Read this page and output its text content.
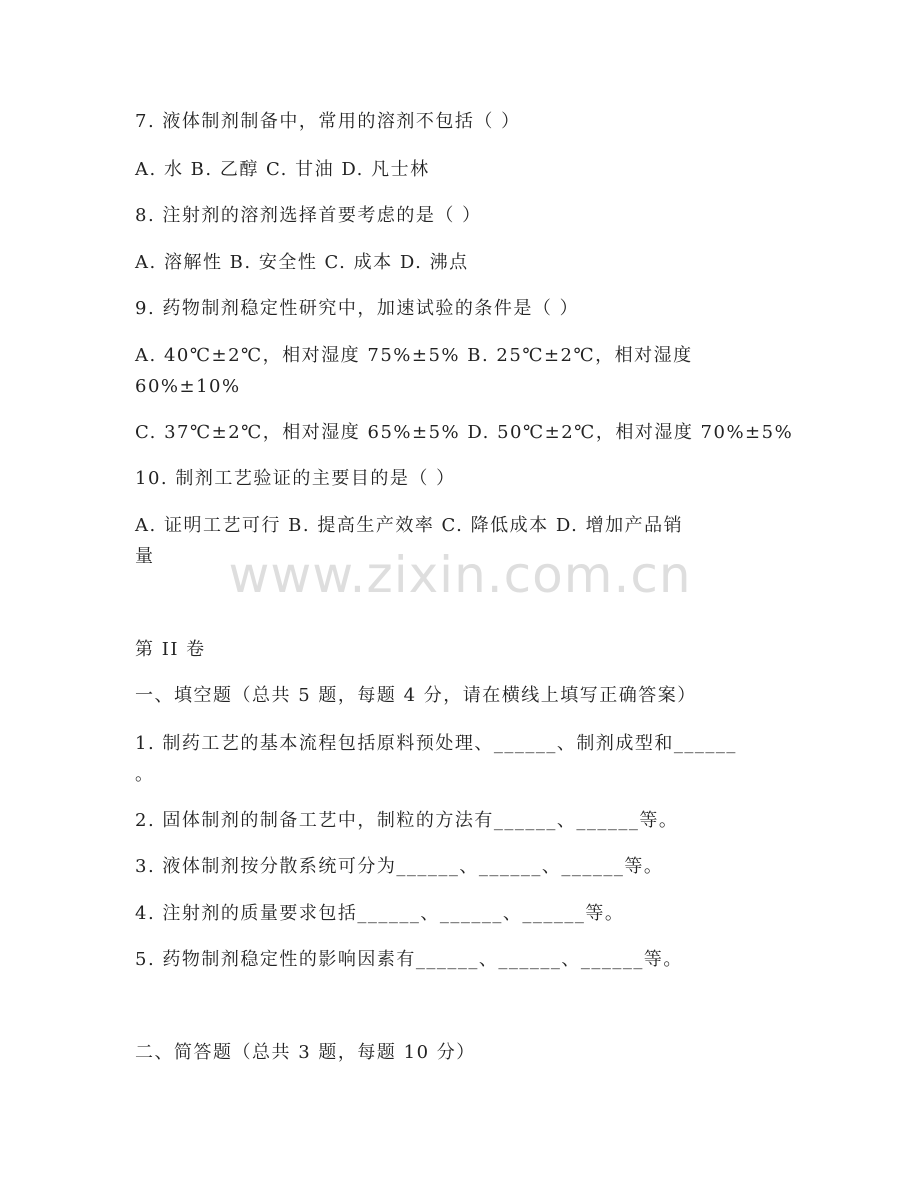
7. 液体制剂制备中，常用的溶剂不包括（ ）
A. 水 B. 乙醇 C. 甘油 D. 凡士林
8. 注射剂的溶剂选择首要考虑的是（ ）
A. 溶解性 B. 安全性 C. 成本 D. 沸点
9. 药物制剂稳定性研究中，加速试验的条件是（ ）
A. 40℃±2℃，相对湿度 75%±5% B. 25℃±2℃，相对湿度
60%±10%
C. 37℃±2℃，相对湿度 65%±5% D. 50℃±2℃，相对湿度 70%±5%
10. 制剂工艺验证的主要目的是（ ）
A. 证明工艺可行 B. 提高生产效率 C. 降低成本 D. 增加产品销
量	www.zixin.com.cn
第 II 卷
一、填空题（总共 5 题，每题 4 分，请在横线上填写正确答案）
1. 制药工艺的基本流程包括原料预处理、______、制剂成型和______
。
2. 固体制剂的制备工艺中，制粒的方法有______、______等。
3. 液体制剂按分散系统可分为______、______、______等。
4. 注射剂的质量要求包括______、______、______等。
5. 药物制剂稳定性的影响因素有______、______、______等。
二、简答题（总共 3 题，每题 10 分）
